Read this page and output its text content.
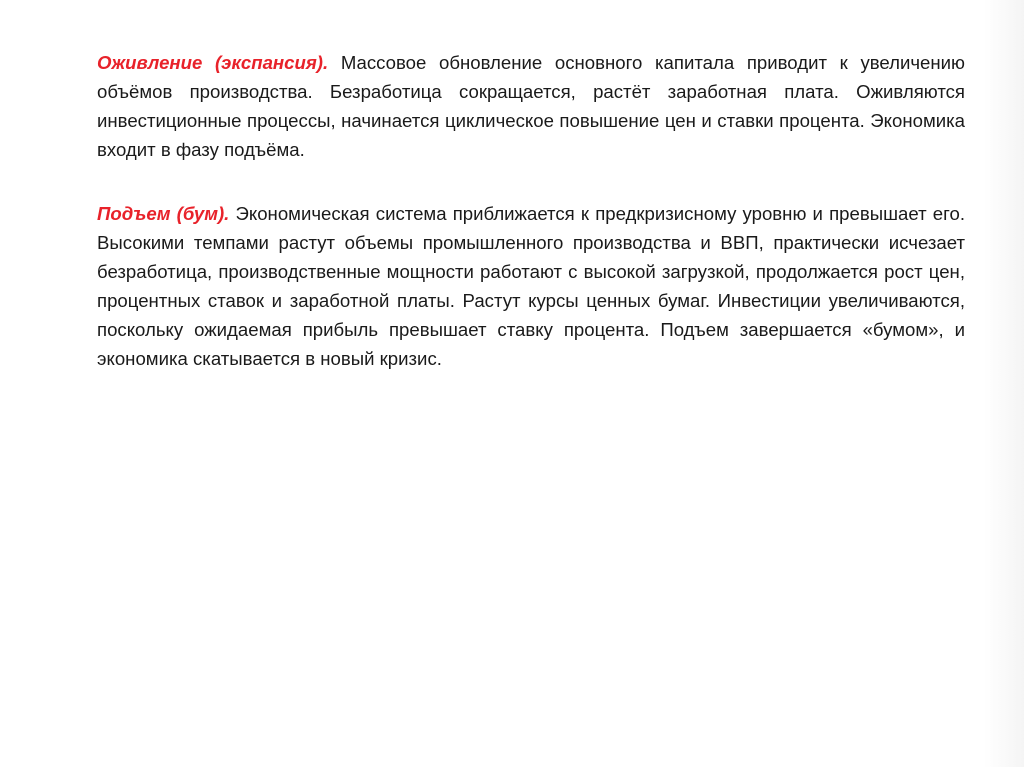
Оживление (экспансия). Массовое обновление основного капитала приводит к увеличению объёмов производства. Безработица сокращается, растёт заработная плата. Оживляются инвестиционные процессы, начинается циклическое повышение цен и ставки процента. Экономика входит в фазу подъёма.

Подъем (бум). Экономическая система приближается к предкризисному уровню и превышает его. Высокими темпами растут объемы промышленного производства и ВВП, практически исчезает безработица, производственные мощности работают с высокой загрузкой, продолжается рост цен, процентных ставок и заработной платы. Растут курсы ценных бумаг. Инвестиции увеличиваются, поскольку ожидаемая прибыль превышает ставку процента. Подъем завершается «бумом», и экономика скатывается в новый кризис.
